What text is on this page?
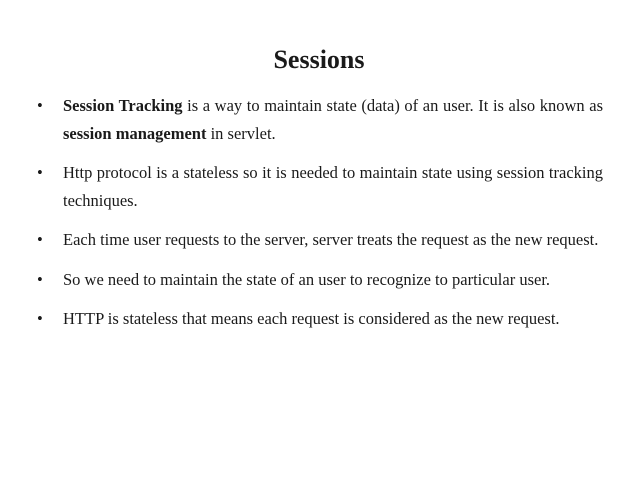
Sessions
•	Session Tracking is a way to maintain state (data) of an user. It is also known as session management in servlet.
•	Http protocol is a stateless so it is needed to maintain state using session tracking techniques.
•	Each time user requests to the server, server treats the request as the new request.
•	So we need to maintain the state of an user to recognize to particular user.
•	HTTP is stateless that means each request is considered as the new request.
